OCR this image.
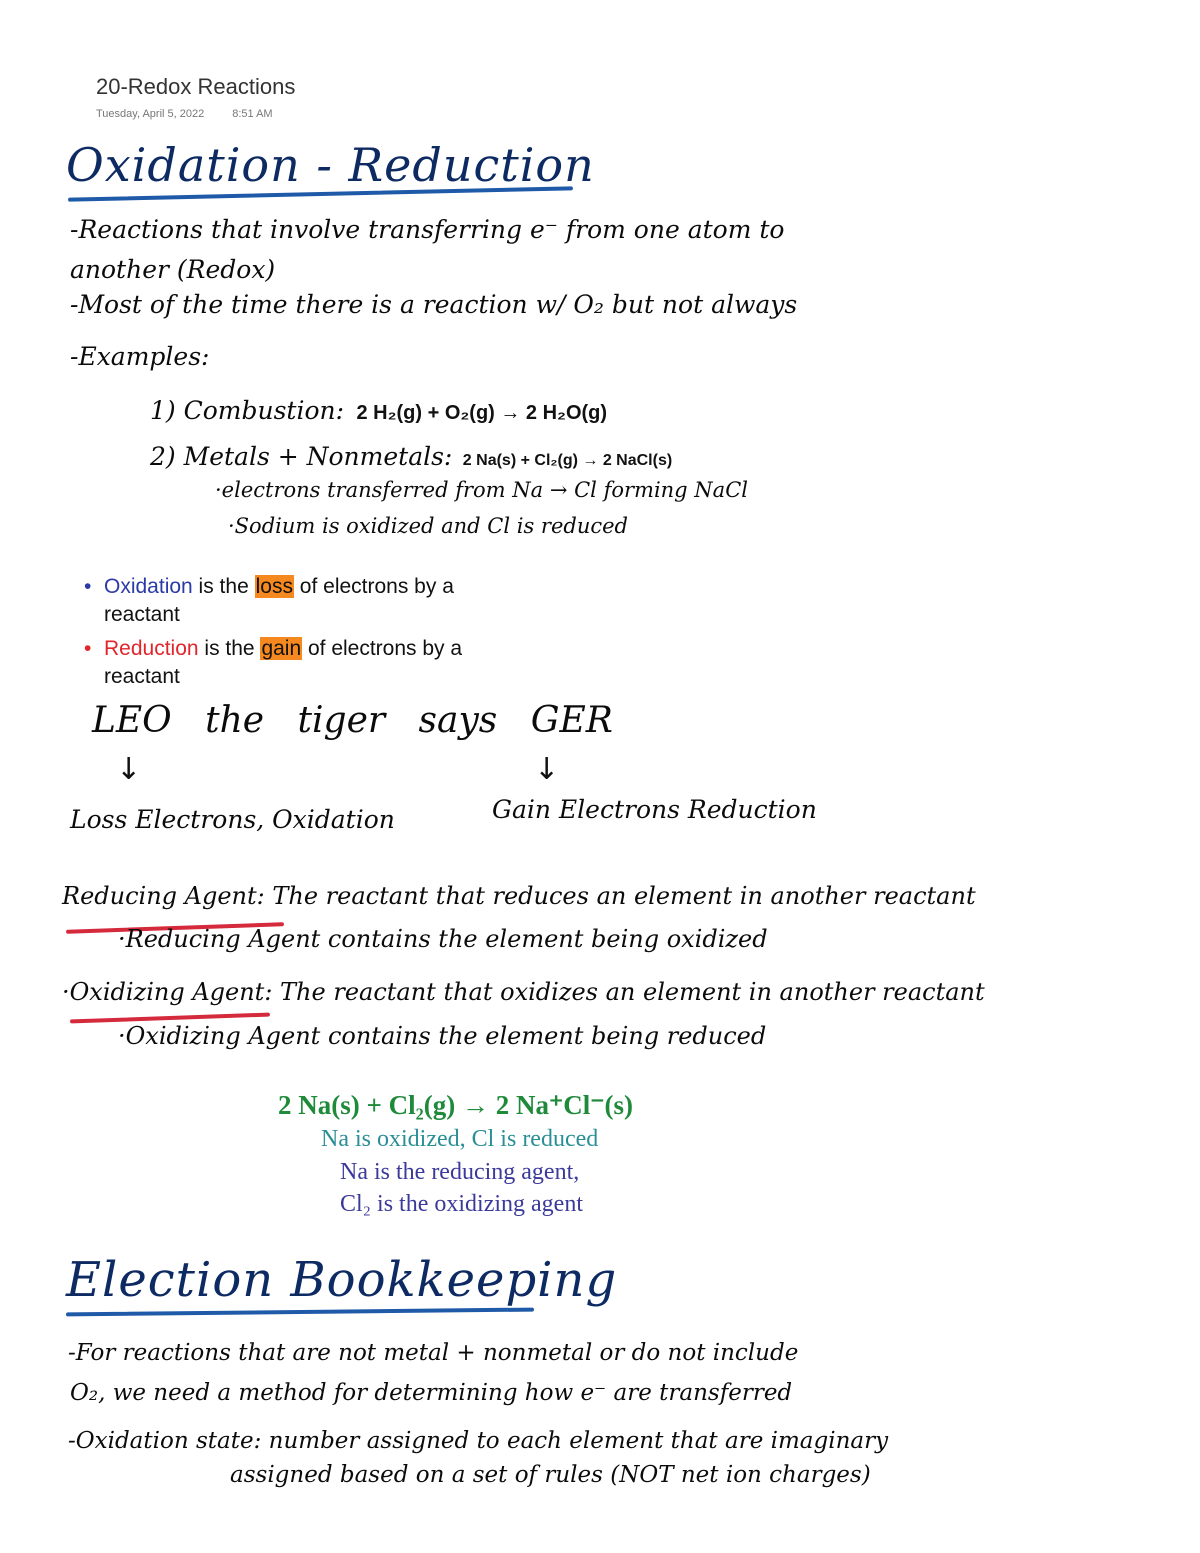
20-Redox Reactions
Tuesday, April 5, 2022	8:51 AM
Oxidation - Reduction
-Reactions that involve transferring e⁻ from one atom to
another (Redox)
-Most of the time there is a reaction w/ O₂ but not always
-Examples:
1) Combustion: 2 H₂(g) + O₂(g) → 2 H₂O(g)
2) Metals + Nonmetals: 2 Na(s) + Cl₂(g) → 2 NaCl(s)
·electrons transferred from Na → Cl forming NaCl
·Sodium is oxidized and Cl is reduced
• Oxidation is the loss of electrons by a
reactant
• Reduction is the gain of electrons by a
reactant
LEO the tiger says GER
↓	↓
Loss Electrons, Oxidation	Gain Electrons Reduction
Reducing Agent: The reactant that reduces an element in another reactant
·Reducing Agent contains the element being oxidized
·Oxidizing Agent: The reactant that oxidizes an element in another reactant
·Oxidizing Agent contains the element being reduced
2 Na(s) + Cl₂(g) → 2 Na⁺Cl⁻(s)
Na is oxidized, Cl is reduced
Na is the reducing agent,
Cl₂ is the oxidizing agent
Election Bookkeeping
-For reactions that are not metal + nonmetal or do not include
O₂, we need a method for determining how e⁻ are transferred
-Oxidation state: number assigned to each element that are imaginary
assigned based on a set of rules (NOT net ion charges)
